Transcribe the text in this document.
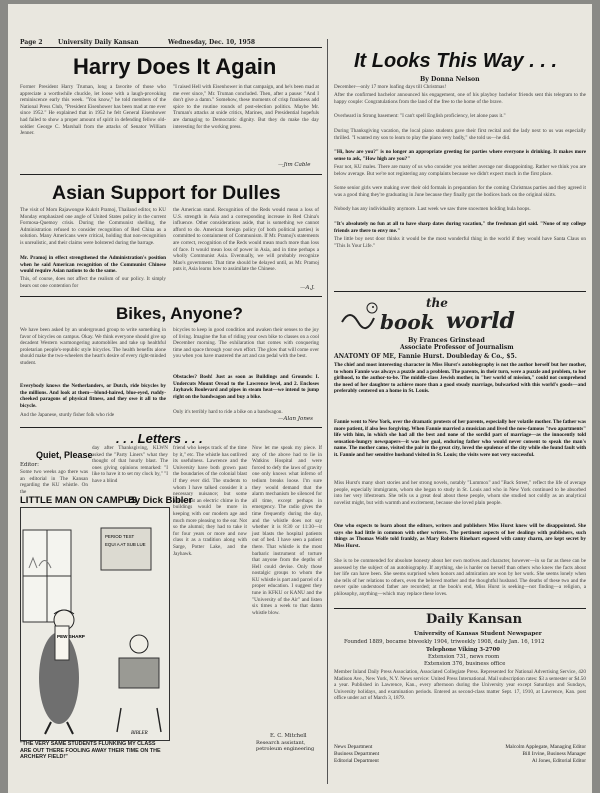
Page 2	University Daily Kansan	Wednesday, Dec. 10, 1958
Harry Does It Again
Former President Harry Truman, long a favorite of those who appreciate a worthwhile chuckle, let loose with a laugh-provoking reminiscence early this week. "You know," he told members of the National Press Club, "President Eisenhower has been mad at me ever since 1952." He explained that in 1952 he felt General Eisenhower had failed to show a proper amount of spirit in defending fellow old-soldier George C. Marshall from the attacks of Senator William Jenner.
"I raised Hell with Eisenhower in that campaign, and he's been mad at me ever since," Mr. Truman concluded. Then, after a pause: "And I don't give a damn." Somehow, these moments of crisp frankness add spice to the routine rounds of post-election politics. Maybe Mr. Truman's attacks at snide critics, Marines, and Presidential hopefuls are damaging to Democratic dignity. But they do make the day interesting for the working press.
—Jim Cable
Asian Support for Dulles
The visit of Mom Rajawongse Kukrit Pramoj, Thailand editor, to KU Monday emphasized one angle of United States policy in the current Formosa-Quemoy crisis. During the Communist shelling, the Administration refused to consider recognition of Red China as a solution. Many Americans were critical, holding that non-recognition is unrealistic, and their claims were bolstered during the barrage.
Mr. Pramoj in effect strengthened the Administration's position when he said American recognition of the Communist Chinese would require Asian nations to do the same.
This, of course, does not affect the realism of our policy. It simply bears out one contention for
the American stand. Recognition of the Reds would mean a loss of U.S. strength in Asia and a corresponding increase in Red China's influence. Other considerations aside, that is something we cannot afford to do. American foreign policy (of both political parties) is committed to containment of Communism. If Mr. Pramoj's statements are correct, recognition of the Reds would mean much more than loss of face. It would mean loss of power in Asia, and in time perhaps a wholly Communist Asia. Eventually, we will probably recognize Mao's government. That time should be delayed until, as Mr. Pramoj puts it, Asia learns how to assimilate the Chinese.
—A.J.
Bikes, Anyone?
We have been asked by an underground group to write something in favor of bicycles on campus. Okay. We think everyone should give up decadent Western warmongering automobiles and take up healthful proletarian people's-republic style bicycles. The health benefits alone should make the two-wheelers the heart's desire of every right-minded student.
Everybody knows the Netherlanders, or Dutch, ride bicycles by the millions. And look at them—blond-haired, blue-eyed, ruddy-cheeked paragons of physical fitness, and they owe it all to the bicycle.
And the Japanese, sturdy fisher folk who ride
bicycles to keep in good condition and awaken their senses to the joy of living. Imagine the fun of riding your own bike to classes on a cool December morning. The exhilaration that comes with conquering time and space through your own effort. The glow that will come over you when you have mastered the art and can pedal with the best.
Obstacles? Bosh! Just as soon as Buildings and Grounds: I. Undercuts Mount Oread to the Lawrence level, and 2. Encloses Jayhawk Boulevard and pipes in steam heat—we intend to jump right on the bandwagon and buy a bike.
Only it's terribly hard to ride a bike on a bandwagon.
—Alan Jones
. . . Letters . . .
Quiet, Please
Editor:
Some two weeks ago there was an editorial in The Kansan regarding the KU whistle. On the
day after Thanksgiving, KLWN asked the "Party Liners" what they thought of that hourly blast. The ones giving opinions remarked: "I like to have it to set my clock by," "I have a blind
friend who keeps track of the time by it," etc. The whistle has outlived its usefulness. Lawrence and the University have both grown past the boundaries of the colonial blast if they ever did. The students to whom I have talked consider it a necessary nuisance; but some added that an electric chime in the buildings would be more in keeping with our modern age and much more pleasing to the ear. Not so the alumni; they had to take it for four years or more and now class it as a tradition along with Sarge, Potter Lake, and the Jayhawk.
Now let me speak my piece. If any of the above had to lie in Watkins Hospital and were forced to defy the laws of gravity one only knows what inferno of tedium breaks loose. I'm sure they would demand that the alarm mechanism be silenced for all time, except perhaps in emergency. The radio gives the time frequently during the day, and the whistle does not say whether it is 8:30 or 11:30—it just blasts the hospital patients out of bed. I have seen a patient there. That whistle is the most barbaric instrument of torture that anyone from the depths of Hell could devise. Only those nostalgic groups to whom the KU whistle is part and parcel of a proper education. I suggest they tune in KFKU or KANU and the "University of the Air" and listen six times a week to that damn whistle blow.
E. C. Mitchell
Research assistant, petroleum engineering
LITTLE MAN ON CAMPUS
By Dick Bibler
PEW SHARP
PERIOD TEST
EQUI A AT SUB LUE
BIBLER
"THE VERY SAME STUDENTS FLUNKING MY CLASS ARE OUT THERE FOOLING AWAY THEIR TIME ON THE ARCHERY FIELD!"
It Looks This Way . . .
By Donna Nelson
December—only 17 more loafing days till Christmas!
After the confirmed bachelor announced his engagement, one of his playboy bachelor friends sent this telegram to the happy couple: Congratulations from the land of the free to the home of the brave.
Overheard in Strong basement: "I can't spell English proficiency, let alone pass it."
During Thanksgiving vacation, the local piano students gave their first recital and the lady next to us was especially thrilled. "I wanted my son to learn to play the piano very badly," she told us—he did.
"Hi, how are you?" is no longer an appropriate greeting for parties where everyone is drinking. It makes more sense to ask, "How high are you?"
Fear not, KU males. There are many of us who consider you neither average nor disappointing. Rather we think you are below average. But we're not registering any complaints because we didn't expect much in the first place.
Some senior girls were making over their old formals in preparation for the coming Christmas parties and they agreed it was a good thing they're graduating in June because they finally got the bodices back on the original skirts.
Nobody has any individuality anymore. Last week we saw three snowmen holding hula hoops.
"It's absolutely no fun at all to have sharp dates during vacation," the freshman girl said. "None of my college friends are there to envy me."
The little boy next door thinks it would be the most wonderful thing in the world if they would have Santa Claus on "This Is Your Life."
the
book world
By Frances Grinstead
Associate Professor of Journalism
ANATOMY OF ME, Fannie Hurst. Doubleday & Co., $5.
The chief and most interesting character in Miss Hurst's autobiography is not the author herself but her mother, to whom Fannie was always a puzzle and a problem. The parents, in their turn, were a puzzle and problem, to her girlhood, to the author-to-be. The middle-class Jewish mother, in "her world of mission," could not comprehend the need of her daughter to achieve more than a good steady marriage, bulwarked with this world's goods—and preferably centered on a home in St. Louis.
Fannie went to New York, over the dramatic protests of her parents, especially her volatile mother. The father was more patient, if also less forgiving. When Fannie married a musician and lived the now-famous "two apartments" life with him, in which she had all the best and none of the sordid part of marriage—as the innocently told sensation-hungry newspapers—it was her goal, enduring father who would never consent to speak the man's name. The mother came, visited the pair in the great city, loved the opulence of the city while she found fault with it. Fannie and her sensitive husband visited in St. Louis; the visits were not very successful.
Miss Hurst's many short stories and her strong novels, notably "Lummox" and "Back Street," reflect the life of average people, especially immigrants, whom she began to study in St. Louis and who in New York continued to be absorbed into her very lifestream. She tells us a great deal about these people, whom she studied not coldly as an analytical novelist might, but with warmth and excitement, because she loved plain people.
One who expects to learn about the editors, writers and publishers Miss Hurst knew will be disappointed. She says she had little in common with other writers. The pertinent aspects of her dealings with publishers, such things as Thomas Wolfe told frankly, as Mary Roberts Rinehart exposed with canny charm, are kept secret by Miss Hurst.
She is to be commended for absolute honesty about her own motives and character, however—in so far as these can be assessed by the subject of an autobiography. If anything, she is harder on herself than others who knew the facts about her life can have been. She seems surprised when honors and admiration are won by her work. She seems lonely when she tells of her relations to others, even the beloved mother and the thoughtful husband. The deaths of these two and the never quite understood father are recorded; at the book's end, Miss Hurst is seeking—not finding—a religion, a philosophy, anything—which may replace these loves.
Daily Kansan
University of Kansas Student Newspaper
Founded 1889, became biweekly 1904, triweekly 1908, daily Jan. 16, 1912
Telephone Viking 3-2700
Extension 731, news room
Extension 376, business office
Member Inland Daily Press Association, Associated Collegiate Press. Represented for National Advertising Service, 420 Madison Ave., New York, N.Y. News service: United Press International. Mail subscription rates: $3 a semester or $4.50 a year. Published in Lawrence, Kan., every afternoon during the University year except Saturdays and Sundays, University holidays, and examination periods. Entered as second-class matter Sept. 17, 1910, at Lawrence, Kan. post office under act of March 3, 1879.
News Department	Malcolm Applegate, Managing Editor
Business Department	Bill Irvine, Business Manager
Editorial Department	Al Jones, Editorial Editor
